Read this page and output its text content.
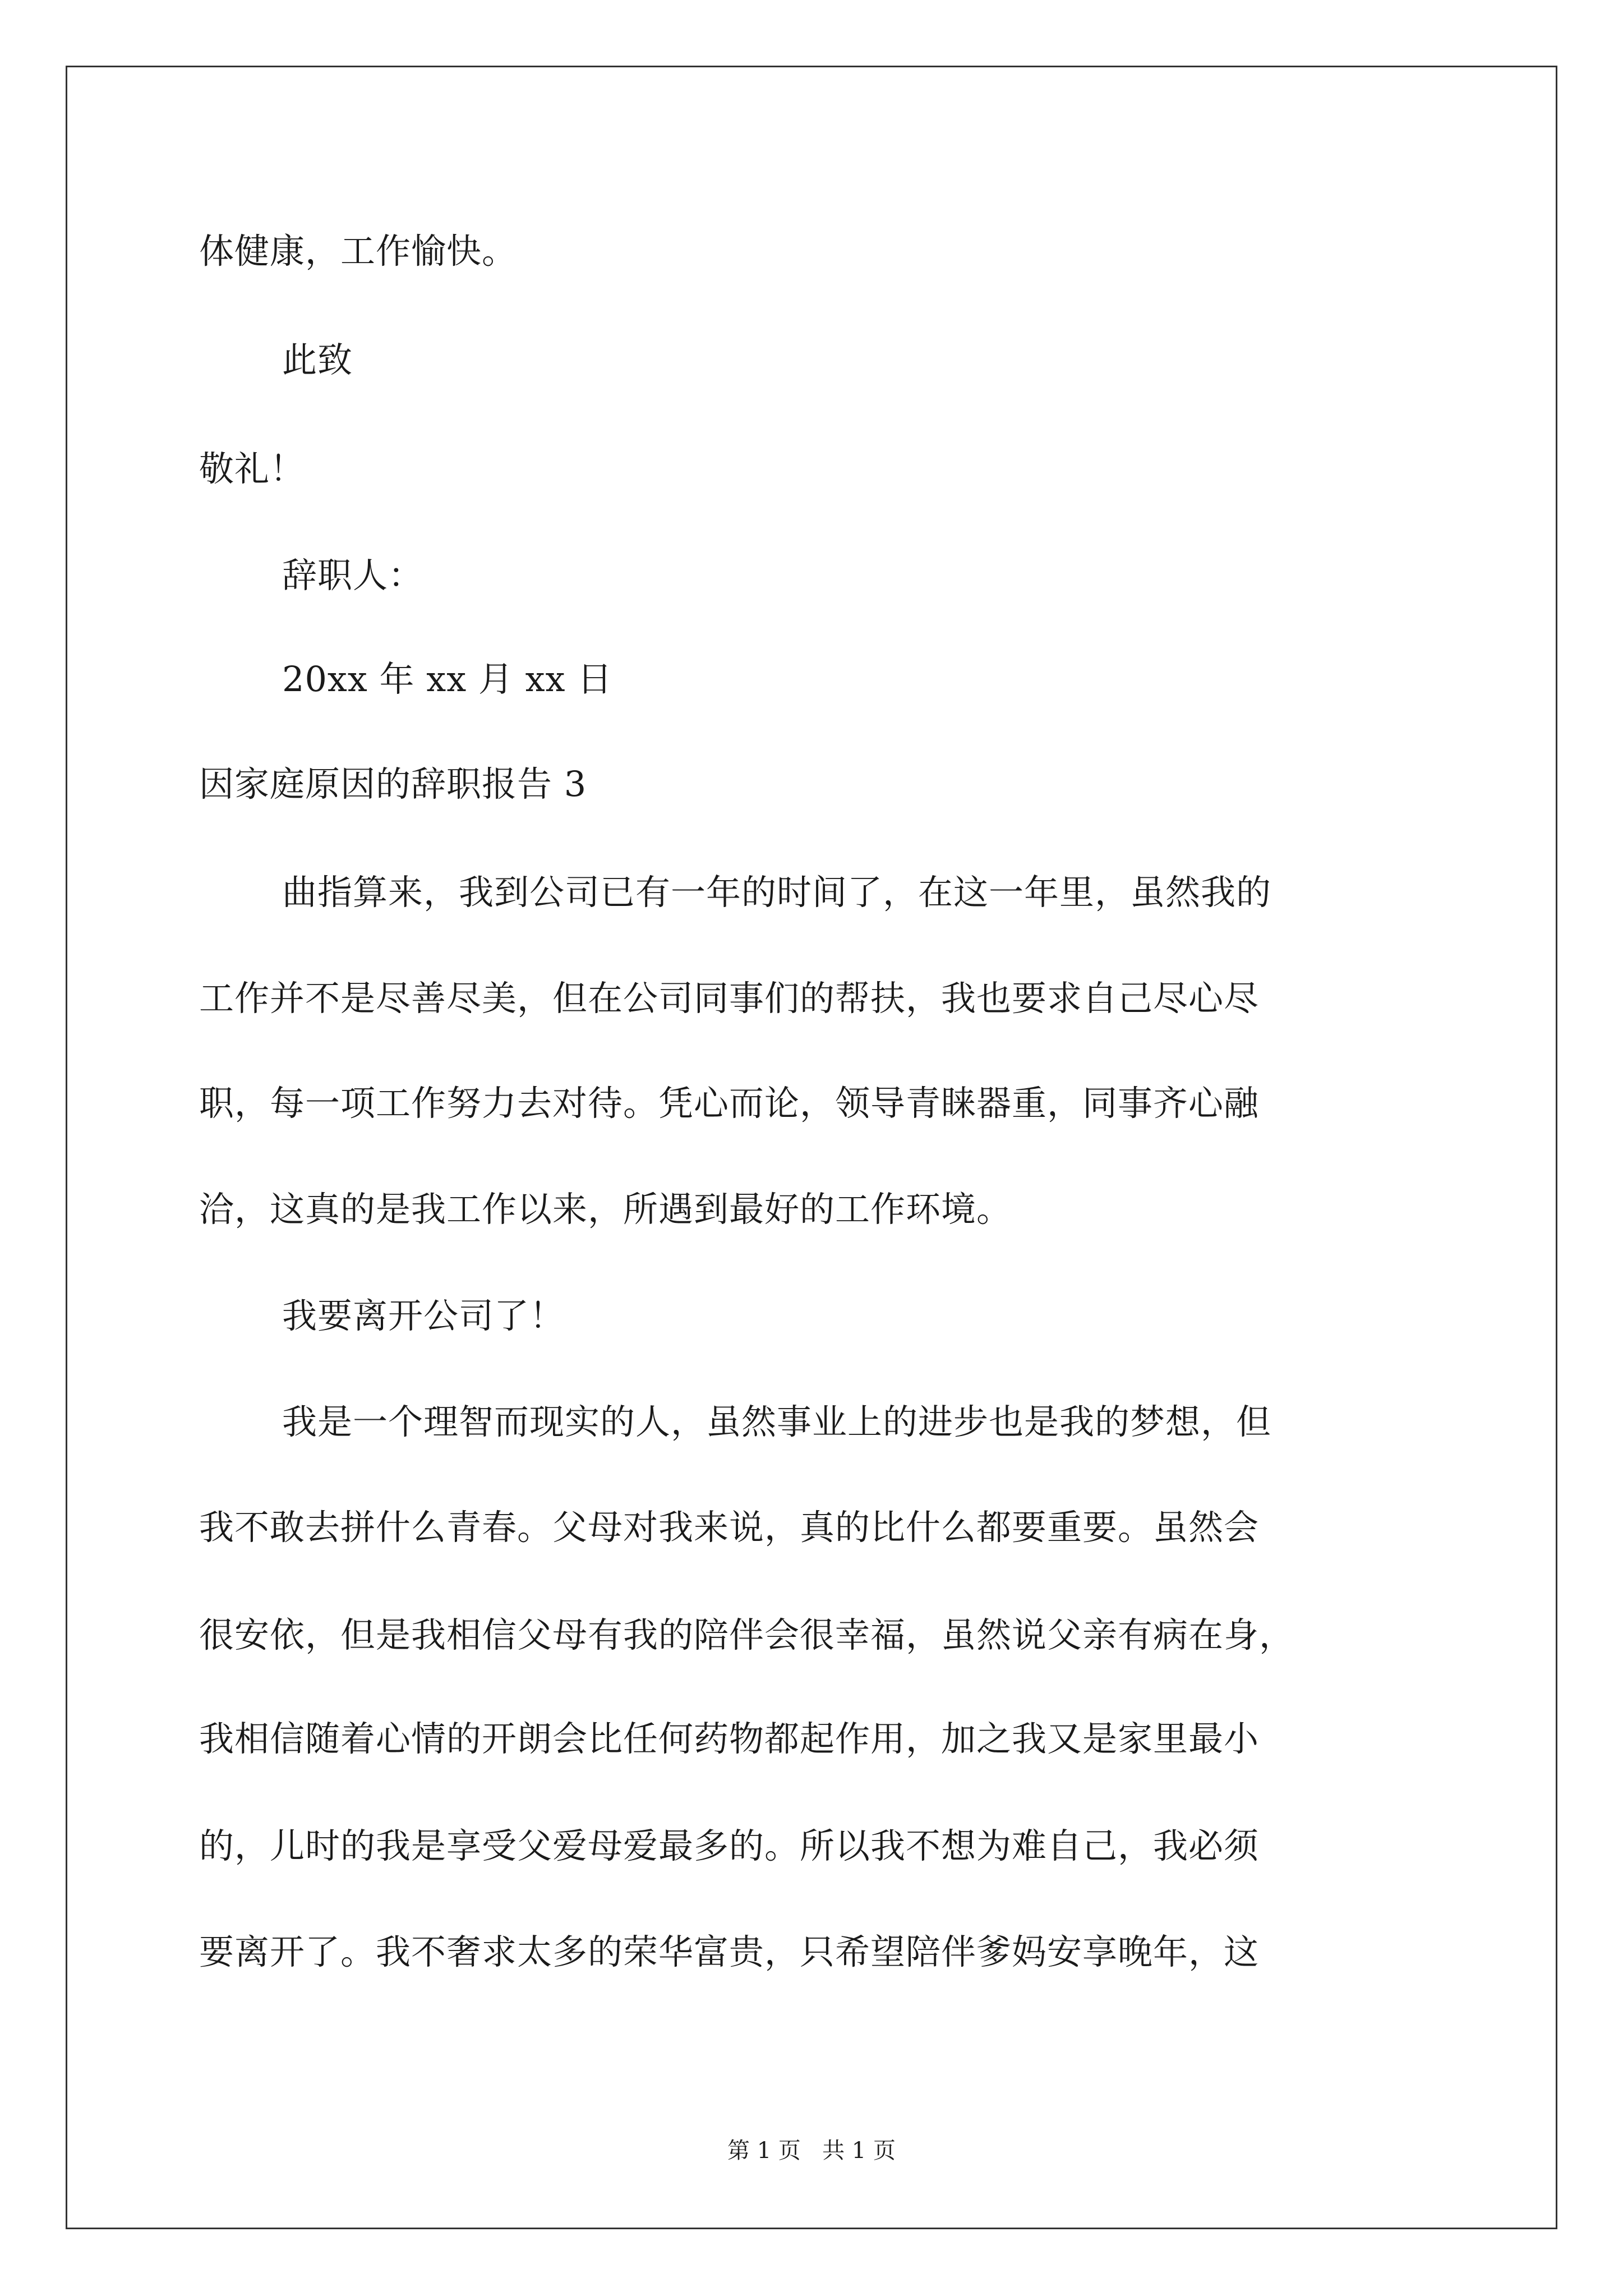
体健康，工作愉快。
此致
敬礼！
辞职人：
20xx 年 xx 月 xx 日
因家庭原因的辞职报告 3
曲指算来，我到公司已有一年的时间了，在这一年里，虽然我的
工作并不是尽善尽美，但在公司同事们的帮扶，我也要求自己尽心尽
职，每一项工作努力去对待。凭心而论，领导青睐器重，同事齐心融
洽，这真的是我工作以来，所遇到最好的工作环境。
我要离开公司了！
我是一个理智而现实的人，虽然事业上的进步也是我的梦想，但
我不敢去拼什么青春。父母对我来说，真的比什么都要重要。虽然会
很安依，但是我相信父母有我的陪伴会很幸福，虽然说父亲有病在身，
我相信随着心情的开朗会比任何药物都起作用，加之我又是家里最小
的，儿时的我是享受父爱母爱最多的。所以我不想为难自己，我必须
要离开了。我不奢求太多的荣华富贵，只希望陪伴爹妈安享晚年，这
第 1 页   共 1 页
